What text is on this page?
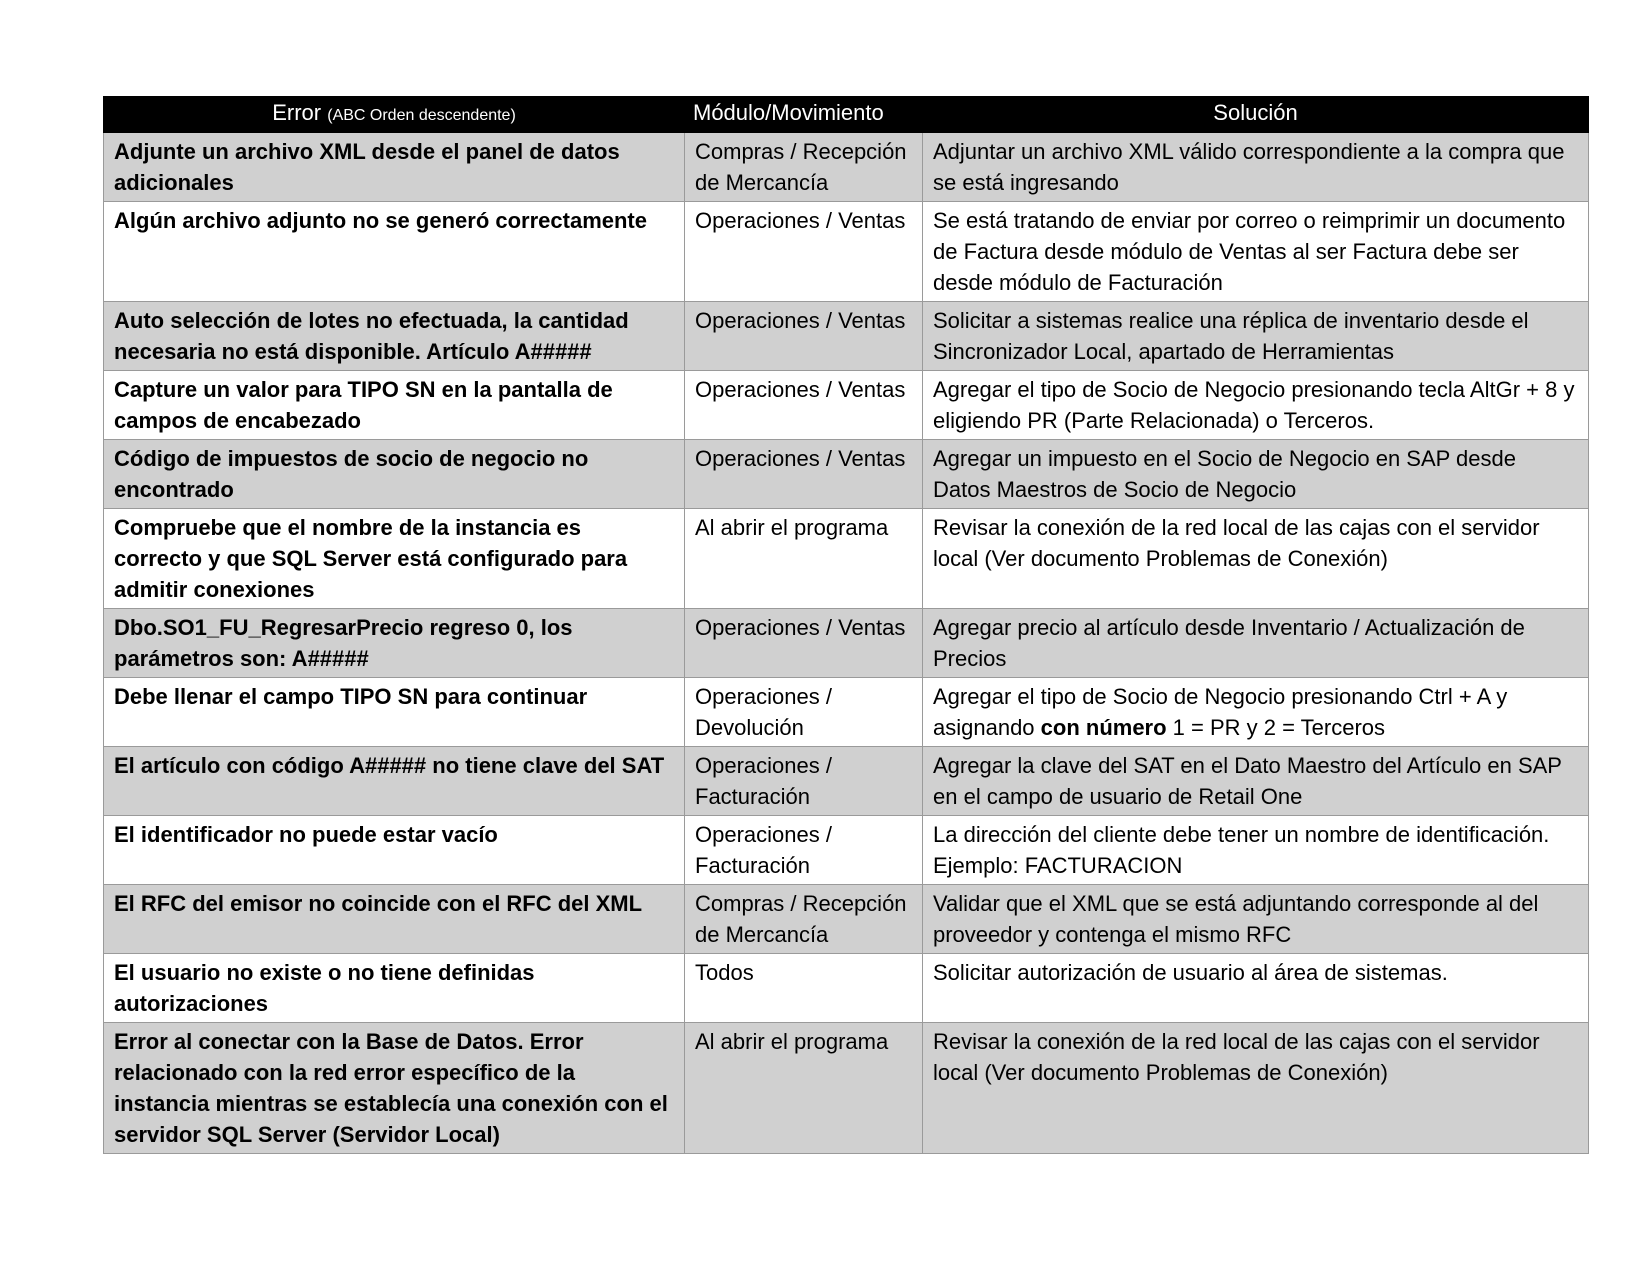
Error (ABC Orden descendente)	Módulo/Movimiento	Solución
Adjunte un archivo XML desde el panel de datos adicionales	Compras / Recepción de Mercancía	Adjuntar un archivo XML válido correspondiente a la compra que se está ingresando
Algún archivo adjunto no se generó correctamente	Operaciones / Ventas	Se está tratando de enviar por correo o reimprimir un documento de Factura desde módulo de Ventas al ser Factura debe ser desde módulo de Facturación
Auto selección de lotes no efectuada, la cantidad necesaria no está disponible. Artículo A#####	Operaciones / Ventas	Solicitar a sistemas realice una réplica de inventario desde el Sincronizador Local, apartado de Herramientas
Capture un valor para TIPO SN en la pantalla de campos de encabezado	Operaciones / Ventas	Agregar el tipo de Socio de Negocio presionando tecla AltGr + 8 y eligiendo PR (Parte Relacionada) o Terceros.
Código de impuestos de socio de negocio no encontrado	Operaciones / Ventas	Agregar un impuesto en el Socio de Negocio en SAP desde Datos Maestros de Socio de Negocio
Compruebe que el nombre de la instancia es correcto y que SQL Server está configurado para admitir conexiones	Al abrir el programa	Revisar la conexión de la red local de las cajas con el servidor local (Ver documento Problemas de Conexión)
Dbo.SO1_FU_RegresarPrecio regreso 0, los parámetros son: A#####	Operaciones / Ventas	Agregar precio al artículo desde Inventario / Actualización de Precios
Debe llenar el campo TIPO SN para continuar	Operaciones / Devolución	Agregar el tipo de Socio de Negocio presionando Ctrl + A y asignando con número 1 = PR y 2 = Terceros
El artículo con código A##### no tiene clave del SAT	Operaciones / Facturación	Agregar la clave del SAT en el Dato Maestro del Artículo en SAP en el campo de usuario de Retail One
El identificador no puede estar vacío	Operaciones / Facturación	La dirección del cliente debe tener un nombre de identificación. Ejemplo: FACTURACION
El RFC del emisor no coincide con el RFC del XML	Compras / Recepción de Mercancía	Validar que el XML que se está adjuntando corresponde al del proveedor y contenga el mismo RFC
El usuario no existe o no tiene definidas autorizaciones	Todos	Solicitar autorización de usuario al área de sistemas.
Error al conectar con la Base de Datos. Error relacionado con la red error específico de la instancia mientras se establecía una conexión con el servidor SQL Server (Servidor Local)	Al abrir el programa	Revisar la conexión de la red local de las cajas con el servidor local (Ver documento Problemas de Conexión)
